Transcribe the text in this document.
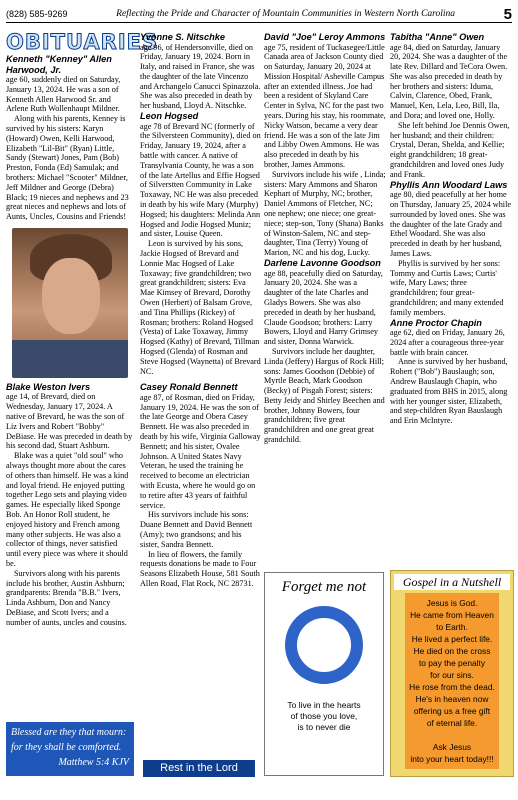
(828) 585-9269	Reflecting the Pride and Character of Mountain Communities in Western North Carolina	5
OBITUARIES

Kenneth "Kenney" Allen Harwood, Jr.

age 60, suddenly died on Saturday, January 13, 2024. He was a son of Kenneth Allen Harwood Sr. and Arlene Ruth Wollenhaupt Mildner.

Along with his parents, Kenney is survived by his sisters: Karyn (Howard) Owen, Kelli Harwood, Elizabeth "Lil-Bit" (Ryan) Little, Sandy (Stewart) Jones, Pam (Bob) Preston, Fonda (Ed) Samulak; and brothers: Michael "Scooter" Mildner, Jeff Mildner and George (Debra) Black; 19 nieces and nephews and 23 great nieces and nephews and lots of Aunts, Uncles, Cousins and Friends!

Blake Weston Ivers

age 14, of Brevard, died on Wednesday, January 17, 2024. A native of Brevard, he was the son of Liz Ivers and Robert "Bobby" DeBiase. He was preceded in death by his second dad, Stuart Ashburn.

Blake was a quiet "old soul" who always thought more about the cares of others than himself. He was a kind and loyal friend. He enjoyed putting together Lego sets and playing video games. He especially liked Sponge Bob. An Honor Roll student, he enjoyed history and French among many other subjects. He was also a collector of things, never satisfied until every piece was where it should be.

Survivors along with his parents include his brother, Austin Ashburn; grandparents: Brenda "B.B." Ivers, Linda Ashburn, Don and Nancy DeBiase, and Scott Ivers; and a number of aunts, uncles and cousins.

Blessed are they that mourn:
for they shall be comforted.
Matthew 5:4 KJV

Yvonne S. Nitschke

age 96, of Hendersonville, died on Friday, January 19, 2024. Born in Italy, and raised in France, she was the daughter of the late Vincenzo and Archangelo Canucci Spinazzola. She was also preceded in death by her husband, Lloyd A. Nitschke.

Leon Hogsed

age 78 of Brevard NC (formerly of the Silversteen Community), died on Friday, January 19, 2024, after a battle with cancer. A native of Transylvania County, he was a son of the late Artellus and Effie Hogsed of Silverstten Community in Lake Toxaway, NC He was also preceded in death by his wife Mary (Murphy) Hogsed; his daughters: Melinda Ann Hogsed and Jodie Hogsed Muniz; and sister, Louise Queen.

Leon is survived by his sons, Jackie Hogsed of Brevard and Lonnie Mac Hogsed of Lake Toxaway; five grandchildren; two great grandchildren; sisters: Eva Mae Kimsey of Brevard, Dorothy Owen (Herbert) of Balsam Grove, and Tina Phillips (Rickey) of Rosman; brothers: Roland Hogsed (Vesta) of Lake Toxaway, Jimmy Hogsed (Kathy) of Brevard, Tillman Hogsed (Glenda) of Rosman and Steve Hogsed (Waynetta) of Brevard NC.

Casey Ronald Bennett

age 87, of Rosman, died on Friday, January 19, 2024. He was the son of the late George and Obera Casey Bennett. He was also preceded in death by his wife, Virginia Galloway Bennett; and his sister, Ovalee Johnson. A United States Navy Veteran, he used the training he received to become an electrician with Ecusta, where he would go on to retire after 43 years of faithful service.

His survivors include his sons: Duane Bennett and David Bennett (Amy); two grandsons; and his sister, Sandra Bennett.

In lieu of flowers, the family requests donations be made to Four Seasons Elizabeth House, 581 South Allen Road, Flat Rock, NC 28731.

Rest in the Lord

David "Joe" Leroy Ammons

age 75, resident of Tuckasegee/Little Canada area of Jackson County died on Saturday, January 20, 2024 at Mission Hospital/ Asheville Campus after an extended illness. Joe had been a resident of Skyland Care Center in Sylva, NC for the past two years. During his stay, his roommate, Nicky Watson, became a very dear friend. He was a son of the late Jim and Libby Owen Ammons. He was also preceded in death by his brother, James Ammons.

Survivors include his wife , Linda; sisters: Mary Ammons and Sharon Kephart of Murphy, NC; brother, Daniel Ammons of Fletcher, NC; one nephew; one niece; one great-niece; step-son, Tony (Shana) Banks of Winston-Salem, NC and step-daughter, Tina (Terry) Young of Marion, NC and his dog, Lucky.

Darlene Lavonne Goodson

age 88, peacefully died on Saturday, January 20, 2024. She was a daughter of the late Charles and Gladys Bowers. She was also preceded in death by her husband, Claude Goodson; brothers: Larry Bowers, Lloyd and Harry Grimsey and sister, Donna Warwick.

Survivors include her daughter, Linda (Jeffery) Hargus of Rock Hill; sons: James Goodson (Debbie) of Myrtle Beach, Mark Goodson (Becky) of Pisgah Forest; sisters: Betty Jeidy and Shirley Beechen and brother, Johnny Bowers, four grandchildren; five great grandchildren and one great great grandchild.

Forget me not
To live in the hearts
of those you love,
is to never die

Tabitha "Anne" Owen

age 84, died on Saturday, January 20, 2024. She was a daughter of the late Rev. Dillard and TeCora Owen. She was also preceded in death by her brothers and sisters: Iduma, Calvin, Clarence, Obed, Frank, Manuel, Ken, Lela, Leo, Bill, Ila, and Dora; and loved one, Holly.

She left behind Joe Dennis Owen, her husband; and their children: Crystal, Deran, Shelda, and Kellie; eight grandchildren; 18 great-grandchildren and loved ones Judy and Frank.

Phyllis Ann Woodard Laws

age 80, died peacefully at her home on Thursday, January 25, 2024 while surrounded by loved ones. She was the daughter of the late Grady and Ethel Woodard. She was also preceded in death by her husband, James Laws.

Phyllis is survived by her sons: Tommy and Curtis Laws; Curtis' wife, Mary Laws; three grandchildren; four great-grandchildren; and many extended family members.

Anne Proctor Chapin

age 62, died on Friday, January 26, 2024 after a courageous three-year battle with brain cancer.

Anne is survived by her husband, Robert ("Bob") Bauslaugh; son, Andrew Bauslaugh Chapin, who graduated from BHS in 2015, along with her younger sister, Elizabeth, and step-children Ryan Bauslaugh and Erin McIntyre.

Gospel in a Nutshell
Jesus is God.
He came from Heaven
to Earth.
He lived a perfect life.
He died on the cross
to pay the penalty
for our sins.
He rose from the dead.
He's in heaven now
offering us a free gift
of eternal life.

Ask Jesus
into your heart today!!!
